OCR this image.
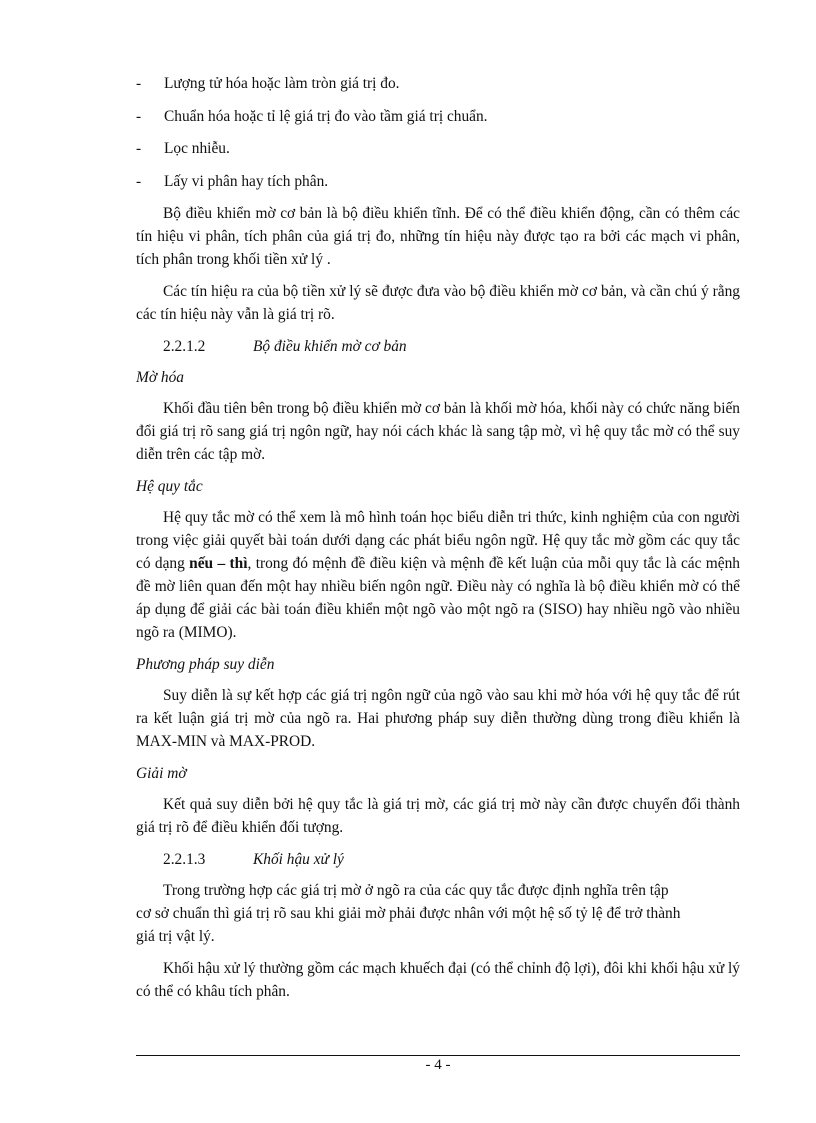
-	Lượng tử hóa hoặc làm tròn giá trị đo.
-	Chuẩn hóa hoặc tỉ lệ giá trị đo vào tầm giá trị chuẩn.
-	Lọc nhiễu.
-	Lấy vi phân hay tích phân.

Bộ điều khiển mờ cơ bản là bộ điều khiển tĩnh. Để có thể điều khiển động, cần có thêm các tín hiệu vi phân, tích phân của giá trị đo, những tín hiệu này được tạo ra bởi các mạch vi phân, tích phân trong khối tiền xử lý .

Các tín hiệu ra của bộ tiền xử lý sẽ được đưa vào bộ điều khiển mờ cơ bản, và cần chú ý rằng các tín hiệu này vẫn là giá trị rõ.

2.2.1.2	Bộ điều khiển mờ cơ bản
Mờ hóa

Khối đầu tiên bên trong bộ điều khiển mờ cơ bản là khối mờ hóa, khối này có chức năng biến đổi giá trị rõ sang giá trị ngôn ngữ, hay nói cách khác là sang tập mờ, vì hệ quy tắc mờ có thể suy diễn trên các tập mờ.

Hệ quy tắc

Hệ quy tắc mờ có thể xem là mô hình toán học biểu diễn tri thức, kinh nghiệm của con người trong việc giải quyết bài toán dưới dạng các phát biểu ngôn ngữ. Hệ quy tắc mờ gồm các quy tắc có dạng nếu – thì, trong đó mệnh đề điều kiện và mệnh đề kết luận của mỗi quy tắc là các mệnh đề mờ liên quan đến một hay nhiều biến ngôn ngữ. Điều này có nghĩa là bộ điều khiển mờ có thể áp dụng để giải các bài toán điều khiển một ngõ vào một ngõ ra (SISO) hay nhiều ngõ vào nhiều ngõ ra (MIMO).

Phương pháp suy diễn

Suy diễn là sự kết hợp các giá trị ngôn ngữ của ngõ vào sau khi mờ hóa với hệ quy tắc để rút ra kết luận giá trị mờ của ngõ ra. Hai phương pháp suy diễn thường dùng trong điều khiển là MAX-MIN và MAX-PROD.

Giải mờ

Kết quả suy diễn bởi hệ quy tắc là giá trị mờ, các giá trị mờ này cần được chuyển đổi thành giá trị rõ để điều khiển đối tượng.

2.2.1.3	Khối hậu xử lý

Trong trường hợp các giá trị mờ ở ngõ ra của các quy tắc được định nghĩa trên tập
cơ sở chuẩn thì giá trị rõ sau khi giải mờ phải được nhân với một hệ số tỷ lệ để trở thành
giá trị vật lý.

Khối hậu xử lý thường gồm các mạch khuếch đại (có thể chỉnh độ lợi), đôi khi khối hậu xử lý có thể có khâu tích phân.

- 4 -
